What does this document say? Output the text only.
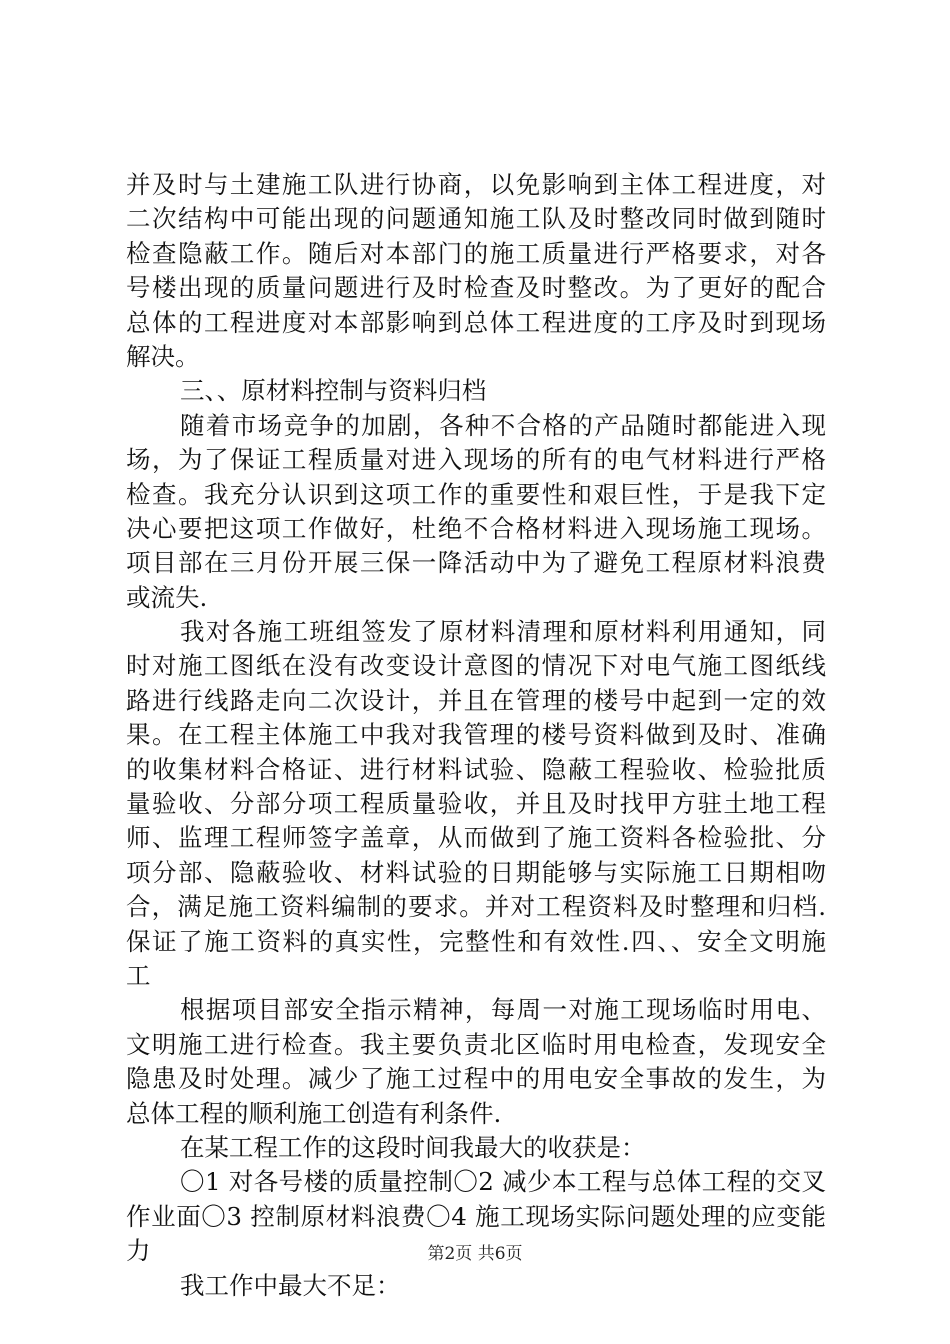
并及时与土建施工队进行协商，以免影响到主体工程进度，对
二次结构中可能出现的问题通知施工队及时整改同时做到随时
检查隐蔽工作。随后对本部门的施工质量进行严格要求，对各
号楼出现的质量问题进行及时检查及时整改。为了更好的配合
总体的工程进度对本部影响到总体工程进度的工序及时到现场
解决。
三、、原材料控制与资料归档
随着市场竞争的加剧，各种不合格的产品随时都能进入现
场，为了保证工程质量对进入现场的所有的电气材料进行严格
检查。我充分认识到这项工作的重要性和艰巨性，于是我下定
决心要把这项工作做好，杜绝不合格材料进入现场施工现场。
项目部在三月份开展三保一降活动中为了避免工程原材料浪费
或流失.
我对各施工班组签发了原材料清理和原材料利用通知，同
时对施工图纸在没有改变设计意图的情况下对电气施工图纸线
路进行线路走向二次设计，并且在管理的楼号中起到一定的效
果。在工程主体施工中我对我管理的楼号资料做到及时、准确
的收集材料合格证、进行材料试验、隐蔽工程验收、检验批质
量验收、分部分项工程质量验收，并且及时找甲方驻土地工程
师、监理工程师签字盖章，从而做到了施工资料各检验批、分
项分部、隐蔽验收、材料试验的日期能够与实际施工日期相吻
合，满足施工资料编制的要求。并对工程资料及时整理和归档.
保证了施工资料的真实性，完整性和有效性.四、、安全文明施
工
根据项目部安全指示精神，每周一对施工现场临时用电、
文明施工进行检查。我主要负责北区临时用电检查，发现安全
隐患及时处理。减少了施工过程中的用电安全事故的发生，为
总体工程的顺利施工创造有利条件.
在某工程工作的这段时间我最大的收获是：
〇1 对各号楼的质量控制〇2 减少本工程与总体工程的交叉
作业面〇3 控制原材料浪费〇4 施工现场实际问题处理的应变能
力
我工作中最大不足：
第2页 共6页
